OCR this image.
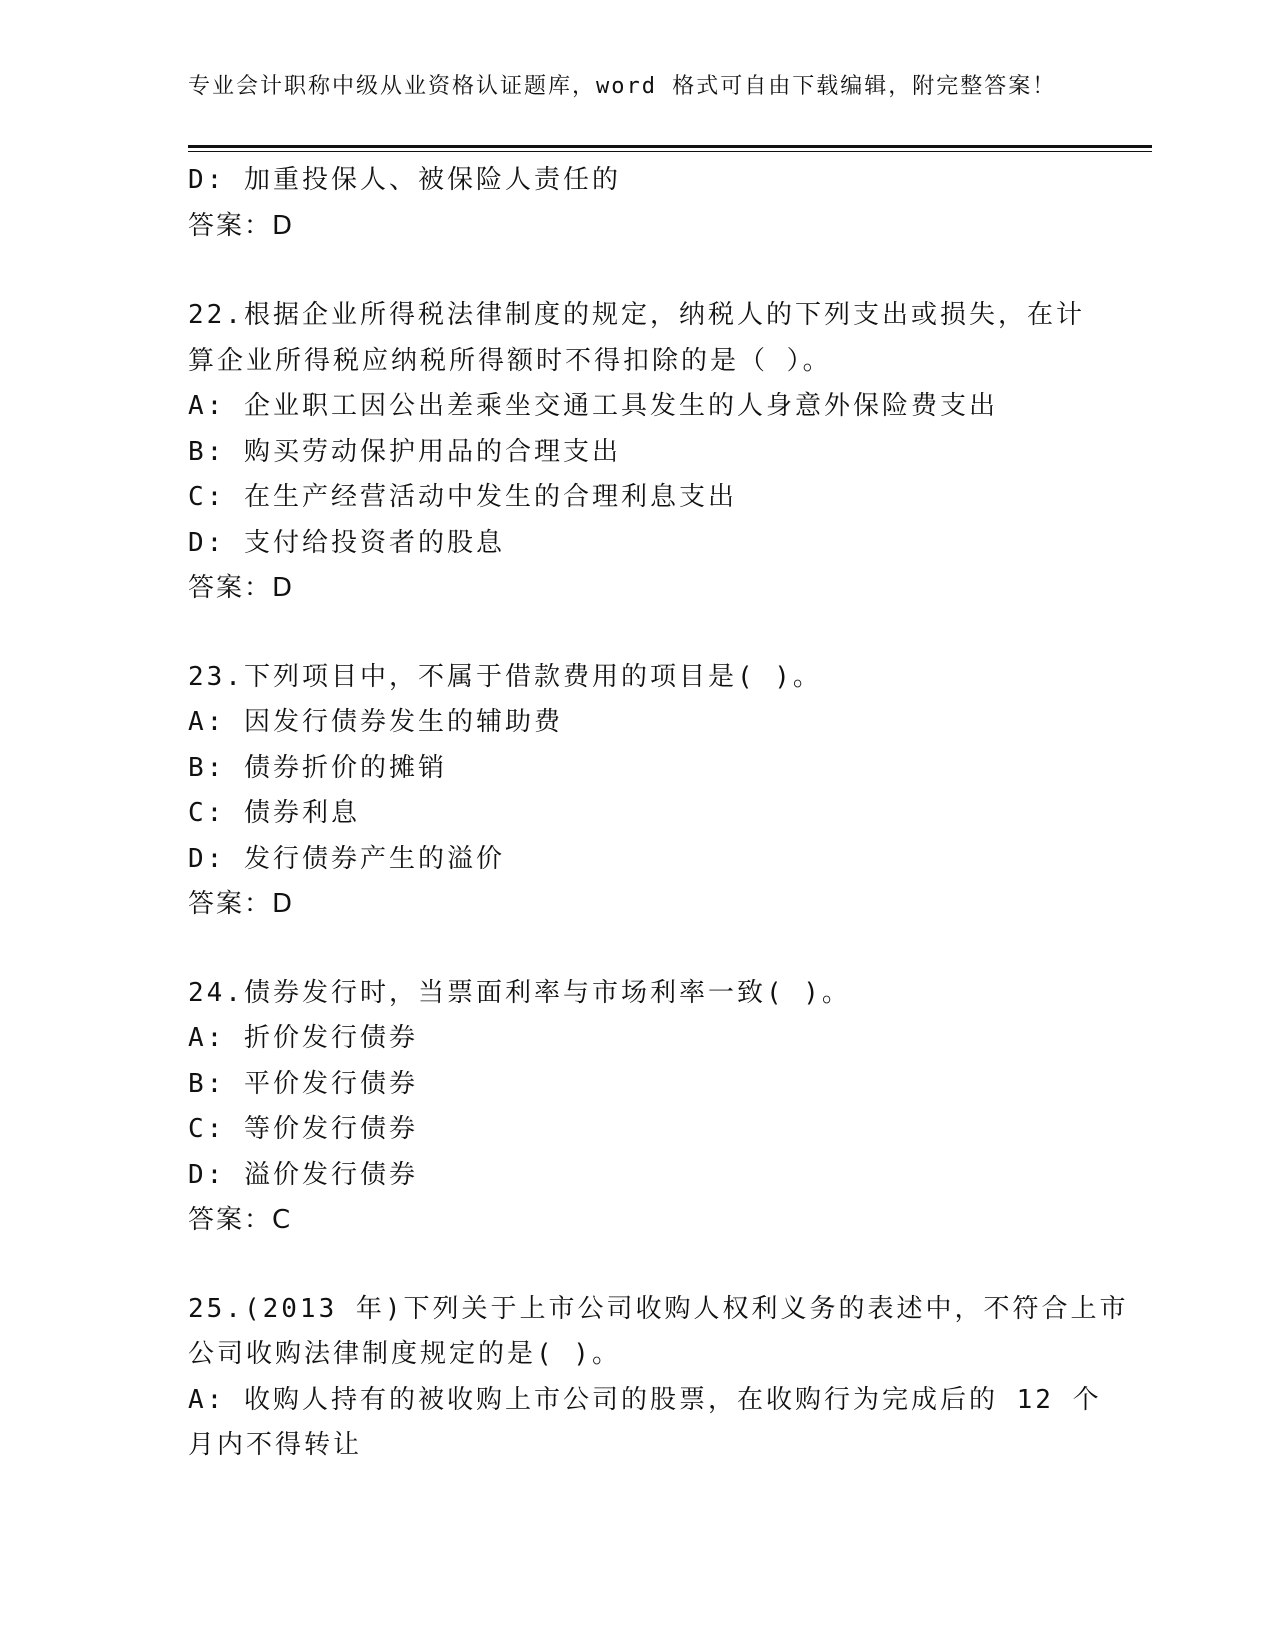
专业会计职称中级从业资格认证题库，word 格式可自由下载编辑，附完整答案！
D: 加重投保人、被保险人责任的
答案：D
22.根据企业所得税法律制度的规定，纳税人的下列支出或损失，在计
算企业所得税应纳税所得额时不得扣除的是（ ）。
A: 企业职工因公出差乘坐交通工具发生的人身意外保险费支出
B: 购买劳动保护用品的合理支出
C: 在生产经营活动中发生的合理利息支出
D: 支付给投资者的股息
答案：D
23.下列项目中，不属于借款费用的项目是( )。
A: 因发行债券发生的辅助费
B: 债券折价的摊销
C: 债券利息
D: 发行债券产生的溢价
答案：D
24.债券发行时，当票面利率与市场利率一致( )。
A: 折价发行债券
B: 平价发行债券
C: 等价发行债券
D: 溢价发行债券
答案：C
25.(2013 年)下列关于上市公司收购人权利义务的表述中，不符合上市
公司收购法律制度规定的是( )。
A: 收购人持有的被收购上市公司的股票，在收购行为完成后的 12 个
月内不得转让
